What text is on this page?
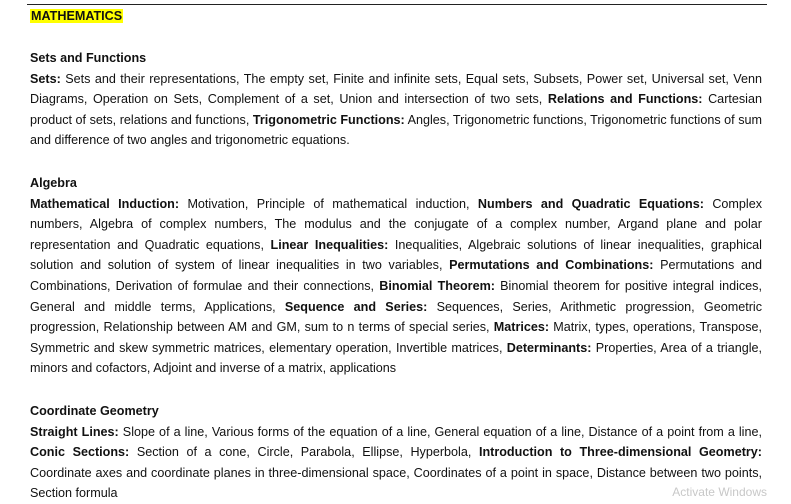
MATHEMATICS

Sets and Functions

Sets: Sets and their representations, The empty set, Finite and infinite sets, Equal sets, Subsets, Power set, Universal set, Venn Diagrams, Operation on Sets, Complement of a set, Union and intersection of two sets, Relations and Functions: Cartesian product of sets, relations and functions, Trigonometric Functions: Angles, Trigonometric functions, Trigonometric functions of sum and difference of two angles and trigonometric equations.

Algebra

Mathematical Induction: Motivation, Principle of mathematical induction, Numbers and Quadratic Equations: Complex numbers, Algebra of complex numbers, The modulus and the conjugate of a complex number, Argand plane and polar representation and Quadratic equations, Linear Inequalities: Inequalities, Algebraic solutions of linear inequalities, graphical solution and solution of system of linear inequalities in two variables, Permutations and Combinations: Permutations and Combinations, Derivation of formulae and their connections, Binomial Theorem: Binomial theorem for positive integral indices, General and middle terms, Applications, Sequence and Series: Sequences, Series, Arithmetic progression, Geometric progression, Relationship between AM and GM, sum to n terms of special series, Matrices: Matrix, types, operations, Transpose, Symmetric and skew symmetric matrices, elementary operation, Invertible matrices, Determinants: Properties, Area of a triangle, minors and cofactors, Adjoint and inverse of a matrix, applications

Coordinate Geometry

Straight Lines: Slope of a line, Various forms of the equation of a line, General equation of a line, Distance of a point from a line, Conic Sections: Section of a cone, Circle, Parabola, Ellipse, Hyperbola, Introduction to Three-dimensional Geometry: Coordinate axes and coordinate planes in three-dimensional space, Coordinates of a point in space, Distance between two points, Section formula	Activate Windows
